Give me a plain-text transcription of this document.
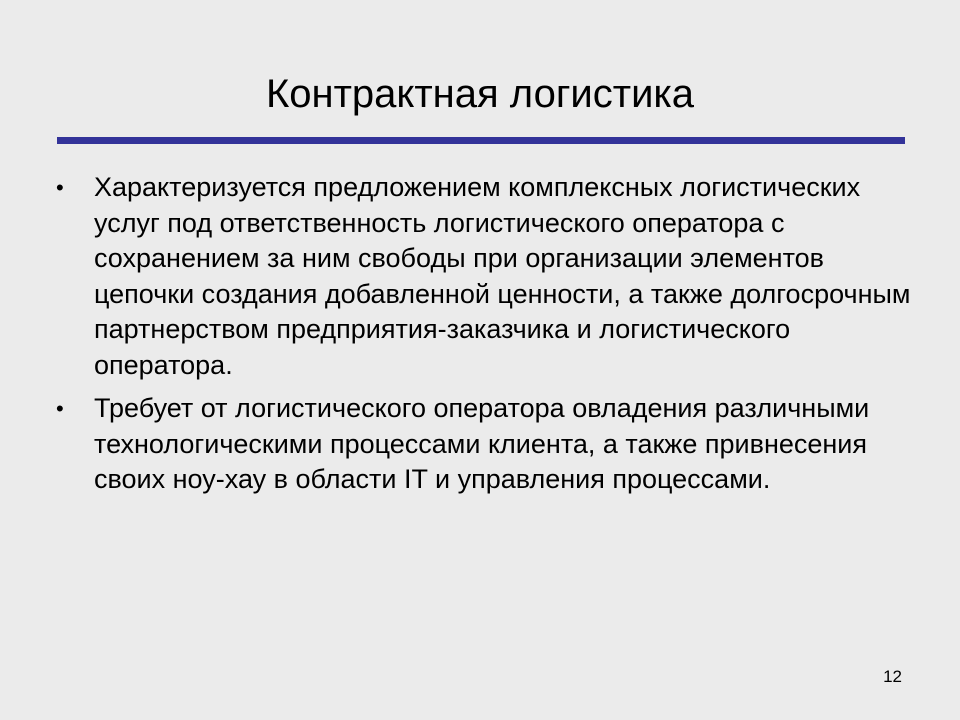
Контрактная логистика
• Характеризуется предложением комплексных логистических услуг под ответственность логистического оператора с сохранением за ним свободы при организации элементов цепочки создания добавленной ценности, а также долгосрочным партнерством предприятия-заказчика и логистического оператора.
• Требует от логистического оператора овладения различными технологическими процессами клиента, а также привнесения своих ноу-хау в области IT и управления процессами.
12
